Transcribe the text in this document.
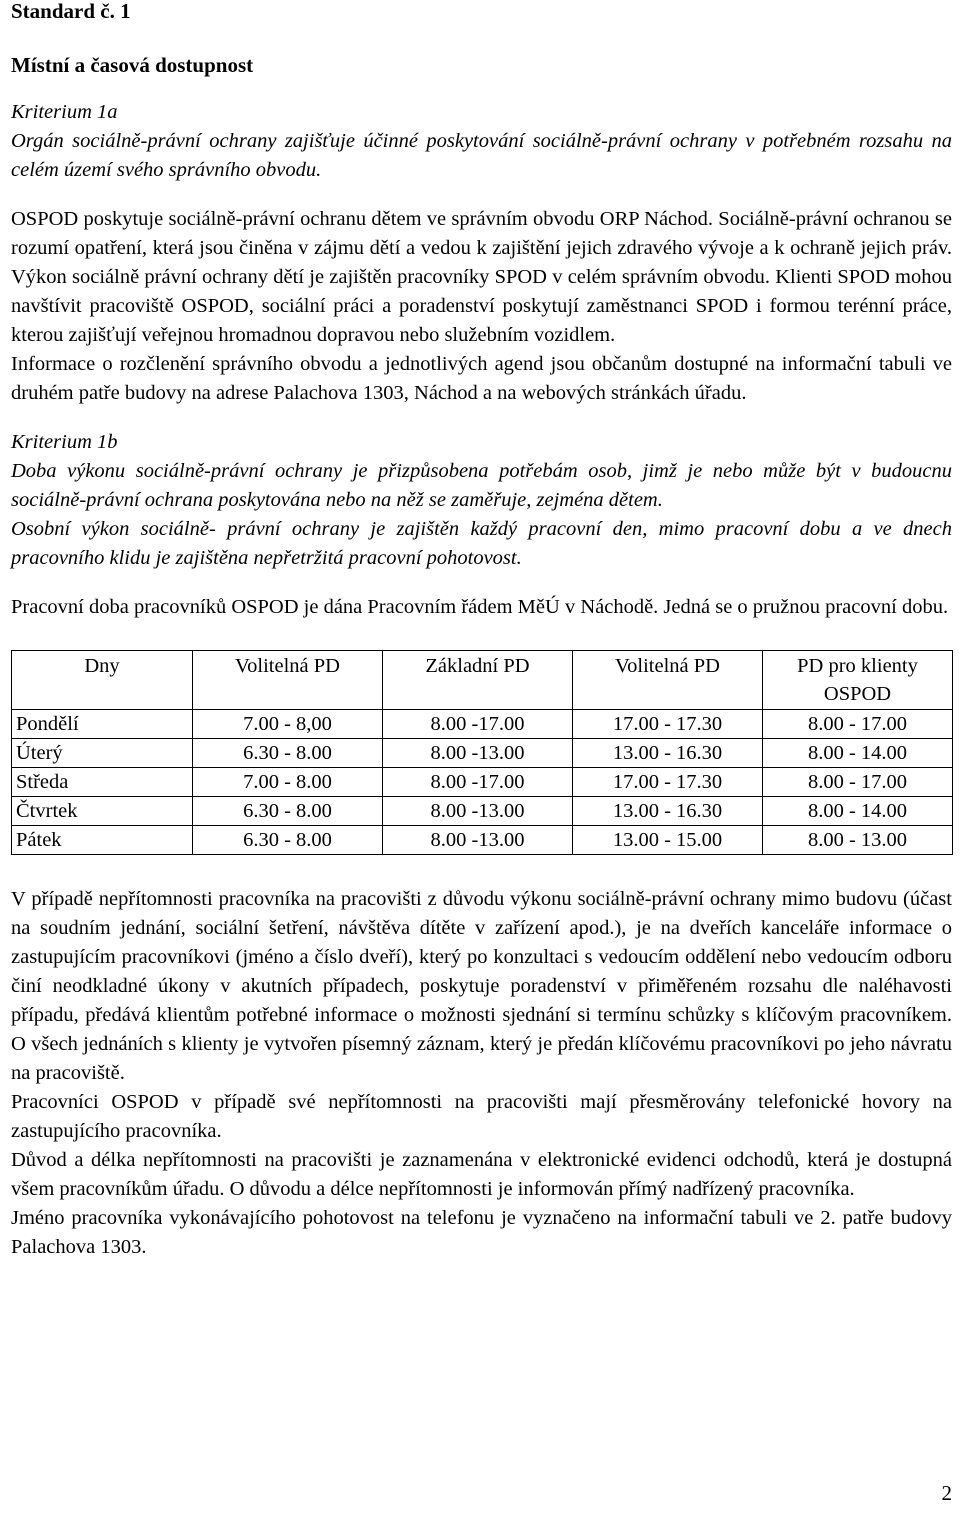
Standard č. 1
Místní a časová dostupnost

Kriterium 1a

Orgán sociálně-právní ochrany zajišťuje účinné poskytování sociálně-právní ochrany v potřebném rozsahu na celém území svého správního obvodu.

OSPOD poskytuje sociálně-právní ochranu dětem ve správním obvodu ORP Náchod. Sociálně-právní ochranou se rozumí opatření, která jsou činěna v zájmu dětí a vedou k zajištění jejich zdravého vývoje a k ochraně jejich práv. Výkon sociálně právní ochrany dětí je zajištěn pracovníky SPOD v celém správním obvodu. Klienti SPOD mohou navštívit pracoviště OSPOD, sociální práci a poradenství poskytují zaměstnanci SPOD i formou terénní práce, kterou zajišťují veřejnou hromadnou dopravou nebo služebním vozidlem.

Informace o rozčlenění správního obvodu a jednotlivých agend jsou občanům dostupné na informační tabuli ve druhém patře budovy na adrese Palachova 1303, Náchod a na webových stránkách úřadu.

Kriterium 1b

Doba výkonu sociálně-právní ochrany je přizpůsobena potřebám osob, jimž je nebo může být v budoucnu sociálně-právní ochrana poskytována nebo na něž se zaměřuje, zejména dětem.

Osobní výkon sociálně- právní ochrany je zajištěn každý pracovní den, mimo pracovní dobu a ve dnech pracovního klidu je zajištěna nepřetržitá pracovní pohotovost.

Pracovní doba pracovníků OSPOD je dána Pracovním řádem MěÚ v Náchodě. Jedná se o pružnou pracovní dobu.

Dny	Volitelná PD	Základní PD	Volitelná PD	PD pro klienty OSPOD
Pondělí	7.00 - 8,00	8.00 -17.00	17.00 - 17.30	8.00 - 17.00
Úterý	6.30 - 8.00	8.00 -13.00	13.00 - 16.30	8.00 - 14.00
Středa	7.00 - 8.00	8.00 -17.00	17.00 - 17.30	8.00 - 17.00
Čtvrtek	6.30 - 8.00	8.00 -13.00	13.00 - 16.30	8.00 - 14.00
Pátek	6.30 - 8.00	8.00 -13.00	13.00 - 15.00	8.00 - 13.00

V případě nepřítomnosti pracovníka na pracovišti z důvodu výkonu sociálně-právní ochrany mimo budovu (účast na soudním jednání, sociální šetření, návštěva dítěte v zařízení apod.), je na dveřích kanceláře informace o zastupujícím pracovníkovi (jméno a číslo dveří), který po konzultaci s vedoucím oddělení nebo vedoucím odboru činí neodkladné úkony v akutních případech, poskytuje poradenství v přiměřeném rozsahu dle naléhavosti případu, předává klientům potřebné informace o možnosti sjednání si termínu schůzky s klíčovým pracovníkem. O všech jednáních s klienty je vytvořen písemný záznam, který je předán klíčovému pracovníkovi po jeho návratu na pracoviště.

Pracovníci OSPOD v případě své nepřítomnosti na pracovišti mají přesměrovány telefonické hovory na zastupujícího pracovníka.

Důvod a délka nepřítomnosti na pracovišti je zaznamenána v elektronické evidenci odchodů, která je dostupná všem pracovníkům úřadu. O důvodu a délce nepřítomnosti je informován přímý nadřízený pracovníka.

Jméno pracovníka vykonávajícího pohotovost na telefonu je vyznačeno na informační tabuli ve 2. patře budovy Palachova 1303.

2
